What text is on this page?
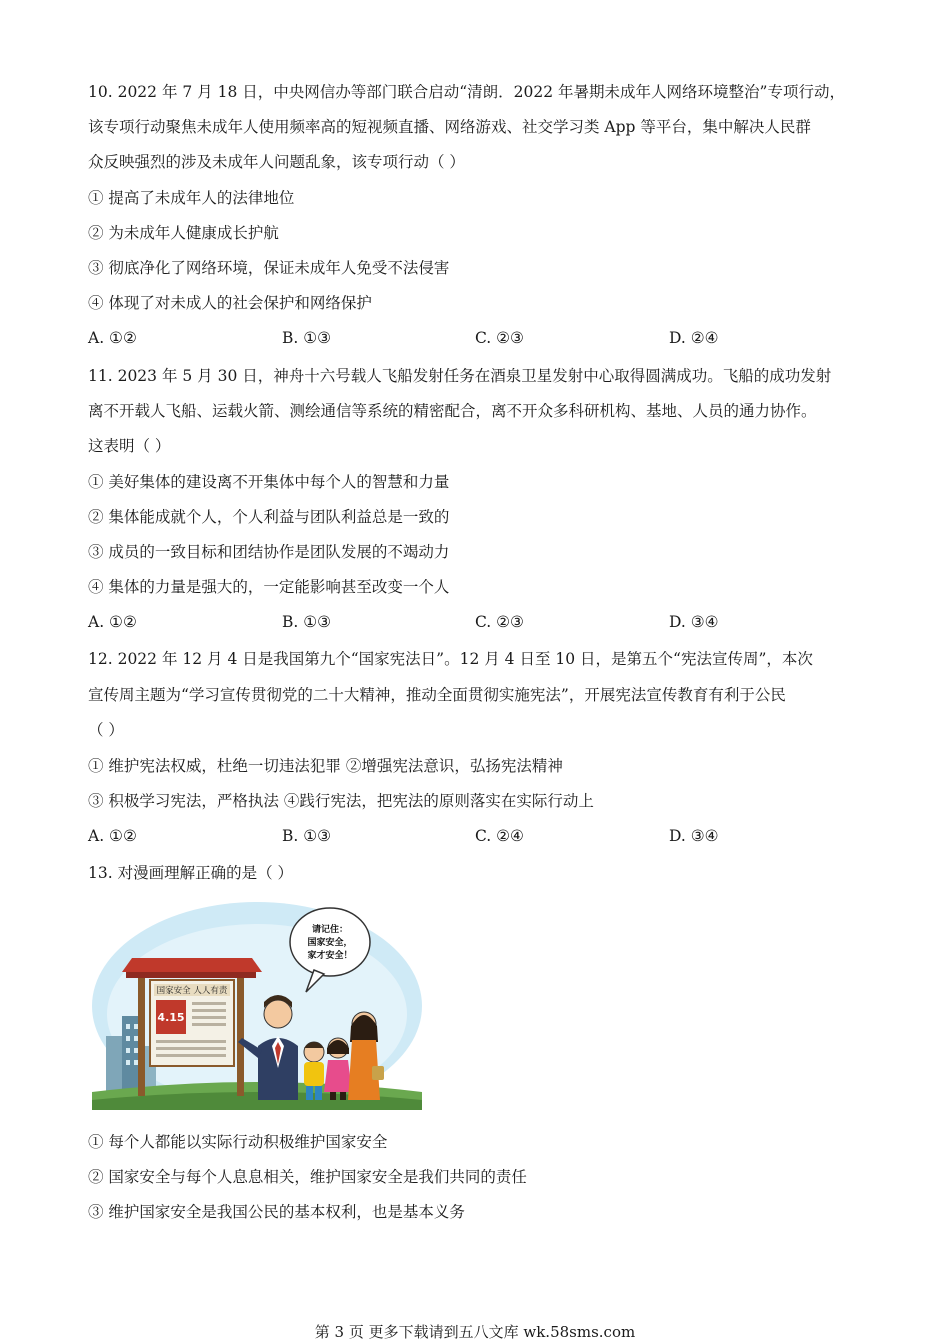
10. 2022 年 7 月 18 日，中央网信办等部门联合启动“清朗．2022 年暑期未成年人网络环境整治”专项行动，
该专项行动聚焦未成年人使用频率高的短视频直播、网络游戏、社交学习类 App 等平台，集中解决人民群
众反映强烈的涉及未成年人问题乱象，该专项行动（ ）
① 提高了未成年人的法律地位
② 为未成年人健康成长护航
③ 彻底净化了网络环境，保证未成年人免受不法侵害
④ 体现了对未成人的社会保护和网络保护
A. ①②	B. ①③	C. ②③	D. ②④
11. 2023 年 5 月 30 日，神舟十六号载人飞船发射任务在酒泉卫星发射中心取得圆满成功。飞船的成功发射
离不开载人飞船、运载火箭、测绘通信等系统的精密配合，离不开众多科研机构、基地、人员的通力协作。
这表明（ ）
① 美好集体的建设离不开集体中每个人的智慧和力量
② 集体能成就个人，个人利益与团队利益总是一致的
③ 成员的一致目标和团结协作是团队发展的不竭动力
④ 集体的力量是强大的，一定能影响甚至改变一个人
A. ①②	B. ①③	C. ②③	D. ③④
12. 2022 年 12 月 4 日是我国第九个“国家宪法日”。12 月 4 日至 10 日，是第五个“宪法宣传周”，本次
宣传周主题为“学习宣传贯彻党的二十大精神，推动全面贯彻实施宪法”，开展宪法宣传教育有利于公民
（ ）
① 维护宪法权威，杜绝一切违法犯罪 ②增强宪法意识，弘扬宪法精神
③ 积极学习宪法，严格执法 ④践行宪法，把宪法的原则落实在实际行动上
A. ①②	B. ①③	C. ②④	D. ③④
13. 对漫画理解正确的是（ ）
国家安全 人人有责
4.15
请记住：
国家安全，
家才安全！
① 每个人都能以实际行动积极维护国家安全
② 国家安全与每个人息息相关，维护国家安全是我们共同的责任
③ 维护国家安全是我国公民的基本权利，也是基本义务
第 3 页 更多下载请到五八文库 wk.58sms.com
